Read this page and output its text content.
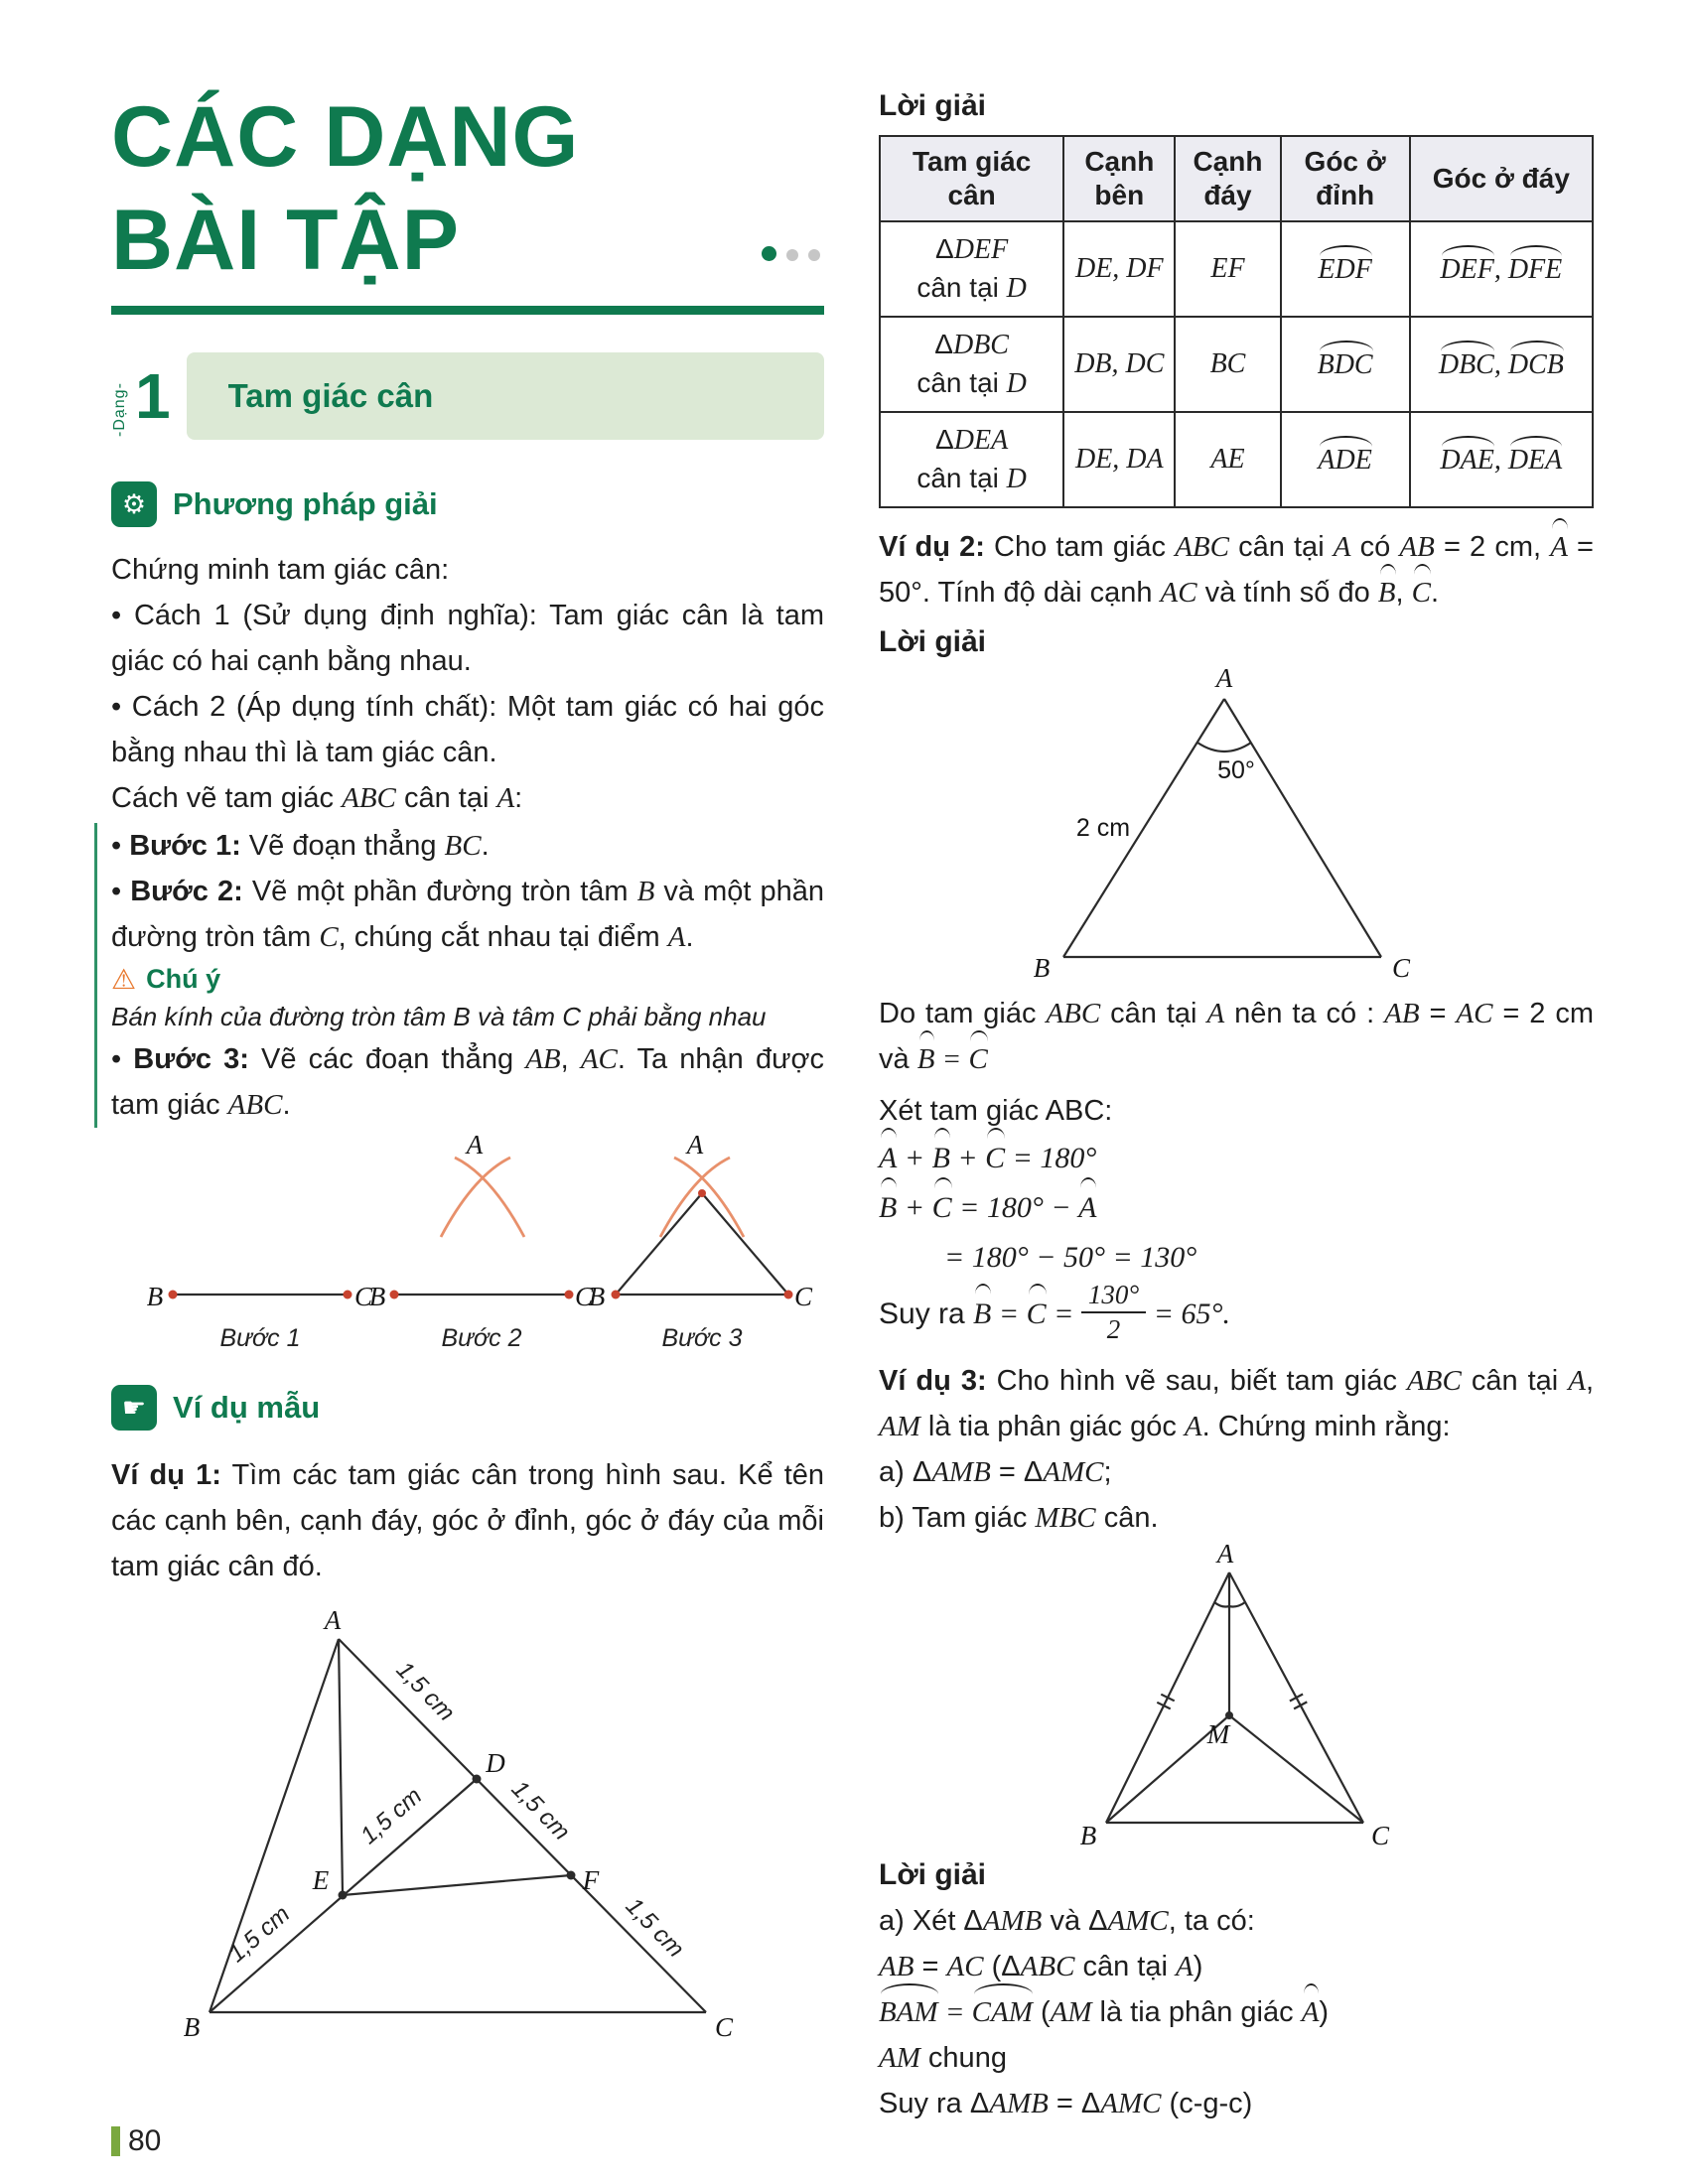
CÁC DẠNG
BÀI TẬP
-Dạng- 1 Tam giác cân
⚙ Phương pháp giải

Chứng minh tam giác cân:

• Cách 1 (Sử dụng định nghĩa): Tam giác cân là tam giác có hai cạnh bằng nhau.

• Cách 2 (Áp dụng tính chất): Một tam giác có hai góc bằng nhau thì là tam giác cân.

Cách vẽ tam giác ABC cân tại A:

• Bước 1: Vẽ đoạn thẳng BC.

• Bước 2: Vẽ một phần đường tròn tâm B và một phần đường tròn tâm C, chúng cắt nhau tại điểm A.

⚠ Chú ý

Bán kính của đường tròn tâm B và tâm C phải bằng nhau

• Bước 3: Vẽ các đoạn thẳng AB, AC. Ta nhận được tam giác ABC.

B	C
Bước 1
B	C
A
Bước 2
B	C
A
Bước 3
☛ Ví dụ mẫu

Ví dụ 1: Tìm các tam giác cân trong hình sau. Kể tên các cạnh bên, cạnh đáy, góc ở đỉnh, góc ở đáy của mỗi tam giác cân đó.

A
D
E	F
B	C
1,5 cm
1,5 cm	1,5 cm
1,5 cm	1,5 cm
Lời giải
Tam giác cân	Cạnh bên	Cạnh đáy	Góc ở đỉnh	Góc ở đáy

ΔDEF
cân tại D	DE, DF	EF	EDF	DEF, DFE

ΔDBC
cân tại D	DB, DC	BC	BDC	DBC, DCB

ΔDEA
cân tại D	DE, DA	AE	ADE	DAE, DEA

Ví dụ 2: Cho tam giác ABC cân tại A có AB = 2 cm, A = 50°. Tính độ dài cạnh AC và tính số đo B, C.

Lời giải
A
B	C
50°
2 cm

Do tam giác ABC cân tại A nên ta có : AB = AC = 2 cm và B = C

Xét tam giác ABC:

A + B + C = 180°

B + C = 180° − A

= 180° − 50° = 130°

Suy ra $B = C = \frac{130^\circ}{2} = 65^\circ$.

Ví dụ 3: Cho hình vẽ sau, biết tam giác ABC cân tại A, AM là tia phân giác góc A. Chứng minh rằng:

a) ΔAMB = ΔAMC;

b) Tam giác MBC cân.

A
M
B	C
Lời giải

a) Xét ΔAMB và ΔAMC, ta có:

AB = AC (ΔABC cân tại A)

BAM = CAM (AM là tia phân giác A)

AM chung

Suy ra ΔAMB = ΔAMC (c-g-c)

80
